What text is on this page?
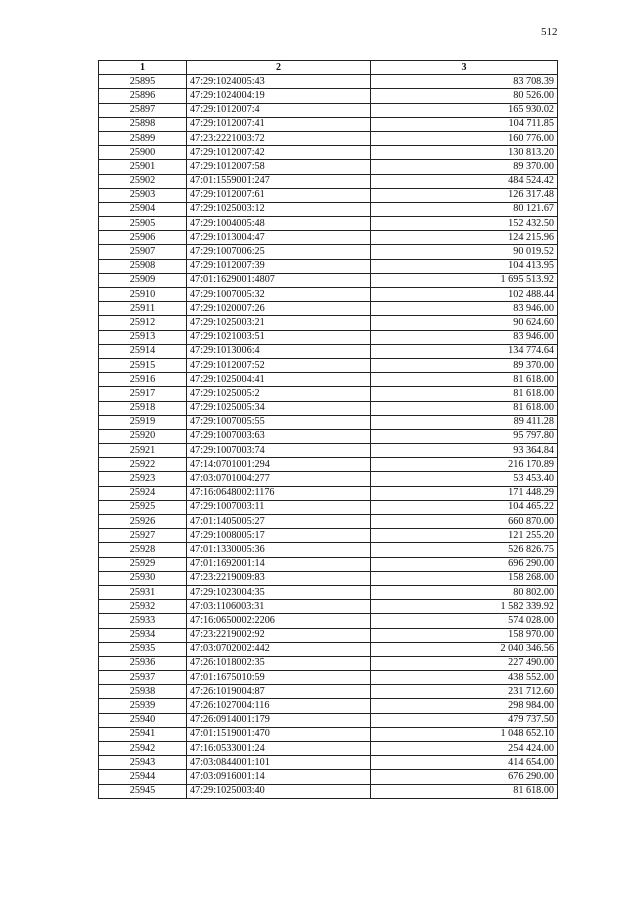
512
1	2	3
25895	47:29:1024005:43	83 708.39
25896	47:29:1024004:19	80 526.00
25897	47:29:1012007:4	165 930.02
25898	47:29:1012007:41	104 711.85
25899	47:23:2221003:72	160 776.00
25900	47:29:1012007:42	130 813.20
25901	47:29:1012007:58	89 370.00
25902	47:01:1559001:247	484 524.42
25903	47:29:1012007:61	126 317.48
25904	47:29:1025003:12	80 121.67
25905	47:29:1004005:48	152 432.50
25906	47:29:1013004:47	124 215.96
25907	47:29:1007006:25	90 019.52
25908	47:29:1012007:39	104 413.95
25909	47:01:1629001:4807	1 695 513.92
25910	47:29:1007005:32	102 488.44
25911	47:29:1020007:26	83 946.00
25912	47:29:1025003:21	90 624.60
25913	47:29:1021003:51	83 946.00
25914	47:29:1013006:4	134 774.64
25915	47:29:1012007:52	89 370.00
25916	47:29:1025004:41	81 618.00
25917	47:29:1025005:2	81 618.00
25918	47:29:1025005:34	81 618.00
25919	47:29:1007005:55	89 411.28
25920	47:29:1007003:63	95 797.80
25921	47:29:1007003:74	93 364.84
25922	47:14:0701001:294	216 170.89
25923	47:03:0701004:277	53 453.40
25924	47:16:0648002:1176	171 448.29
25925	47:29:1007003:11	104 465.22
25926	47:01:1405005:27	660 870.00
25927	47:29:1008005:17	121 255.20
25928	47:01:1330005:36	526 826.75
25929	47:01:1692001:14	696 290.00
25930	47:23:2219009:83	158 268.00
25931	47:29:1023004:35	80 802.00
25932	47:03:1106003:31	1 582 339.92
25933	47:16:0650002:2206	574 028.00
25934	47:23:2219002:92	158 970.00
25935	47:03:0702002:442	2 040 346.56
25936	47:26:1018002:35	227 490.00
25937	47:01:1675010:59	438 552.00
25938	47:26:1019004:87	231 712.60
25939	47:26:1027004:116	298 984.00
25940	47:26:0914001:179	479 737.50
25941	47:01:1519001:470	1 048 652.10
25942	47:16:0533001:24	254 424.00
25943	47:03:0844001:101	414 654.00
25944	47:03:0916001:14	676 290.00
25945	47:29:1025003:40	81 618.00
